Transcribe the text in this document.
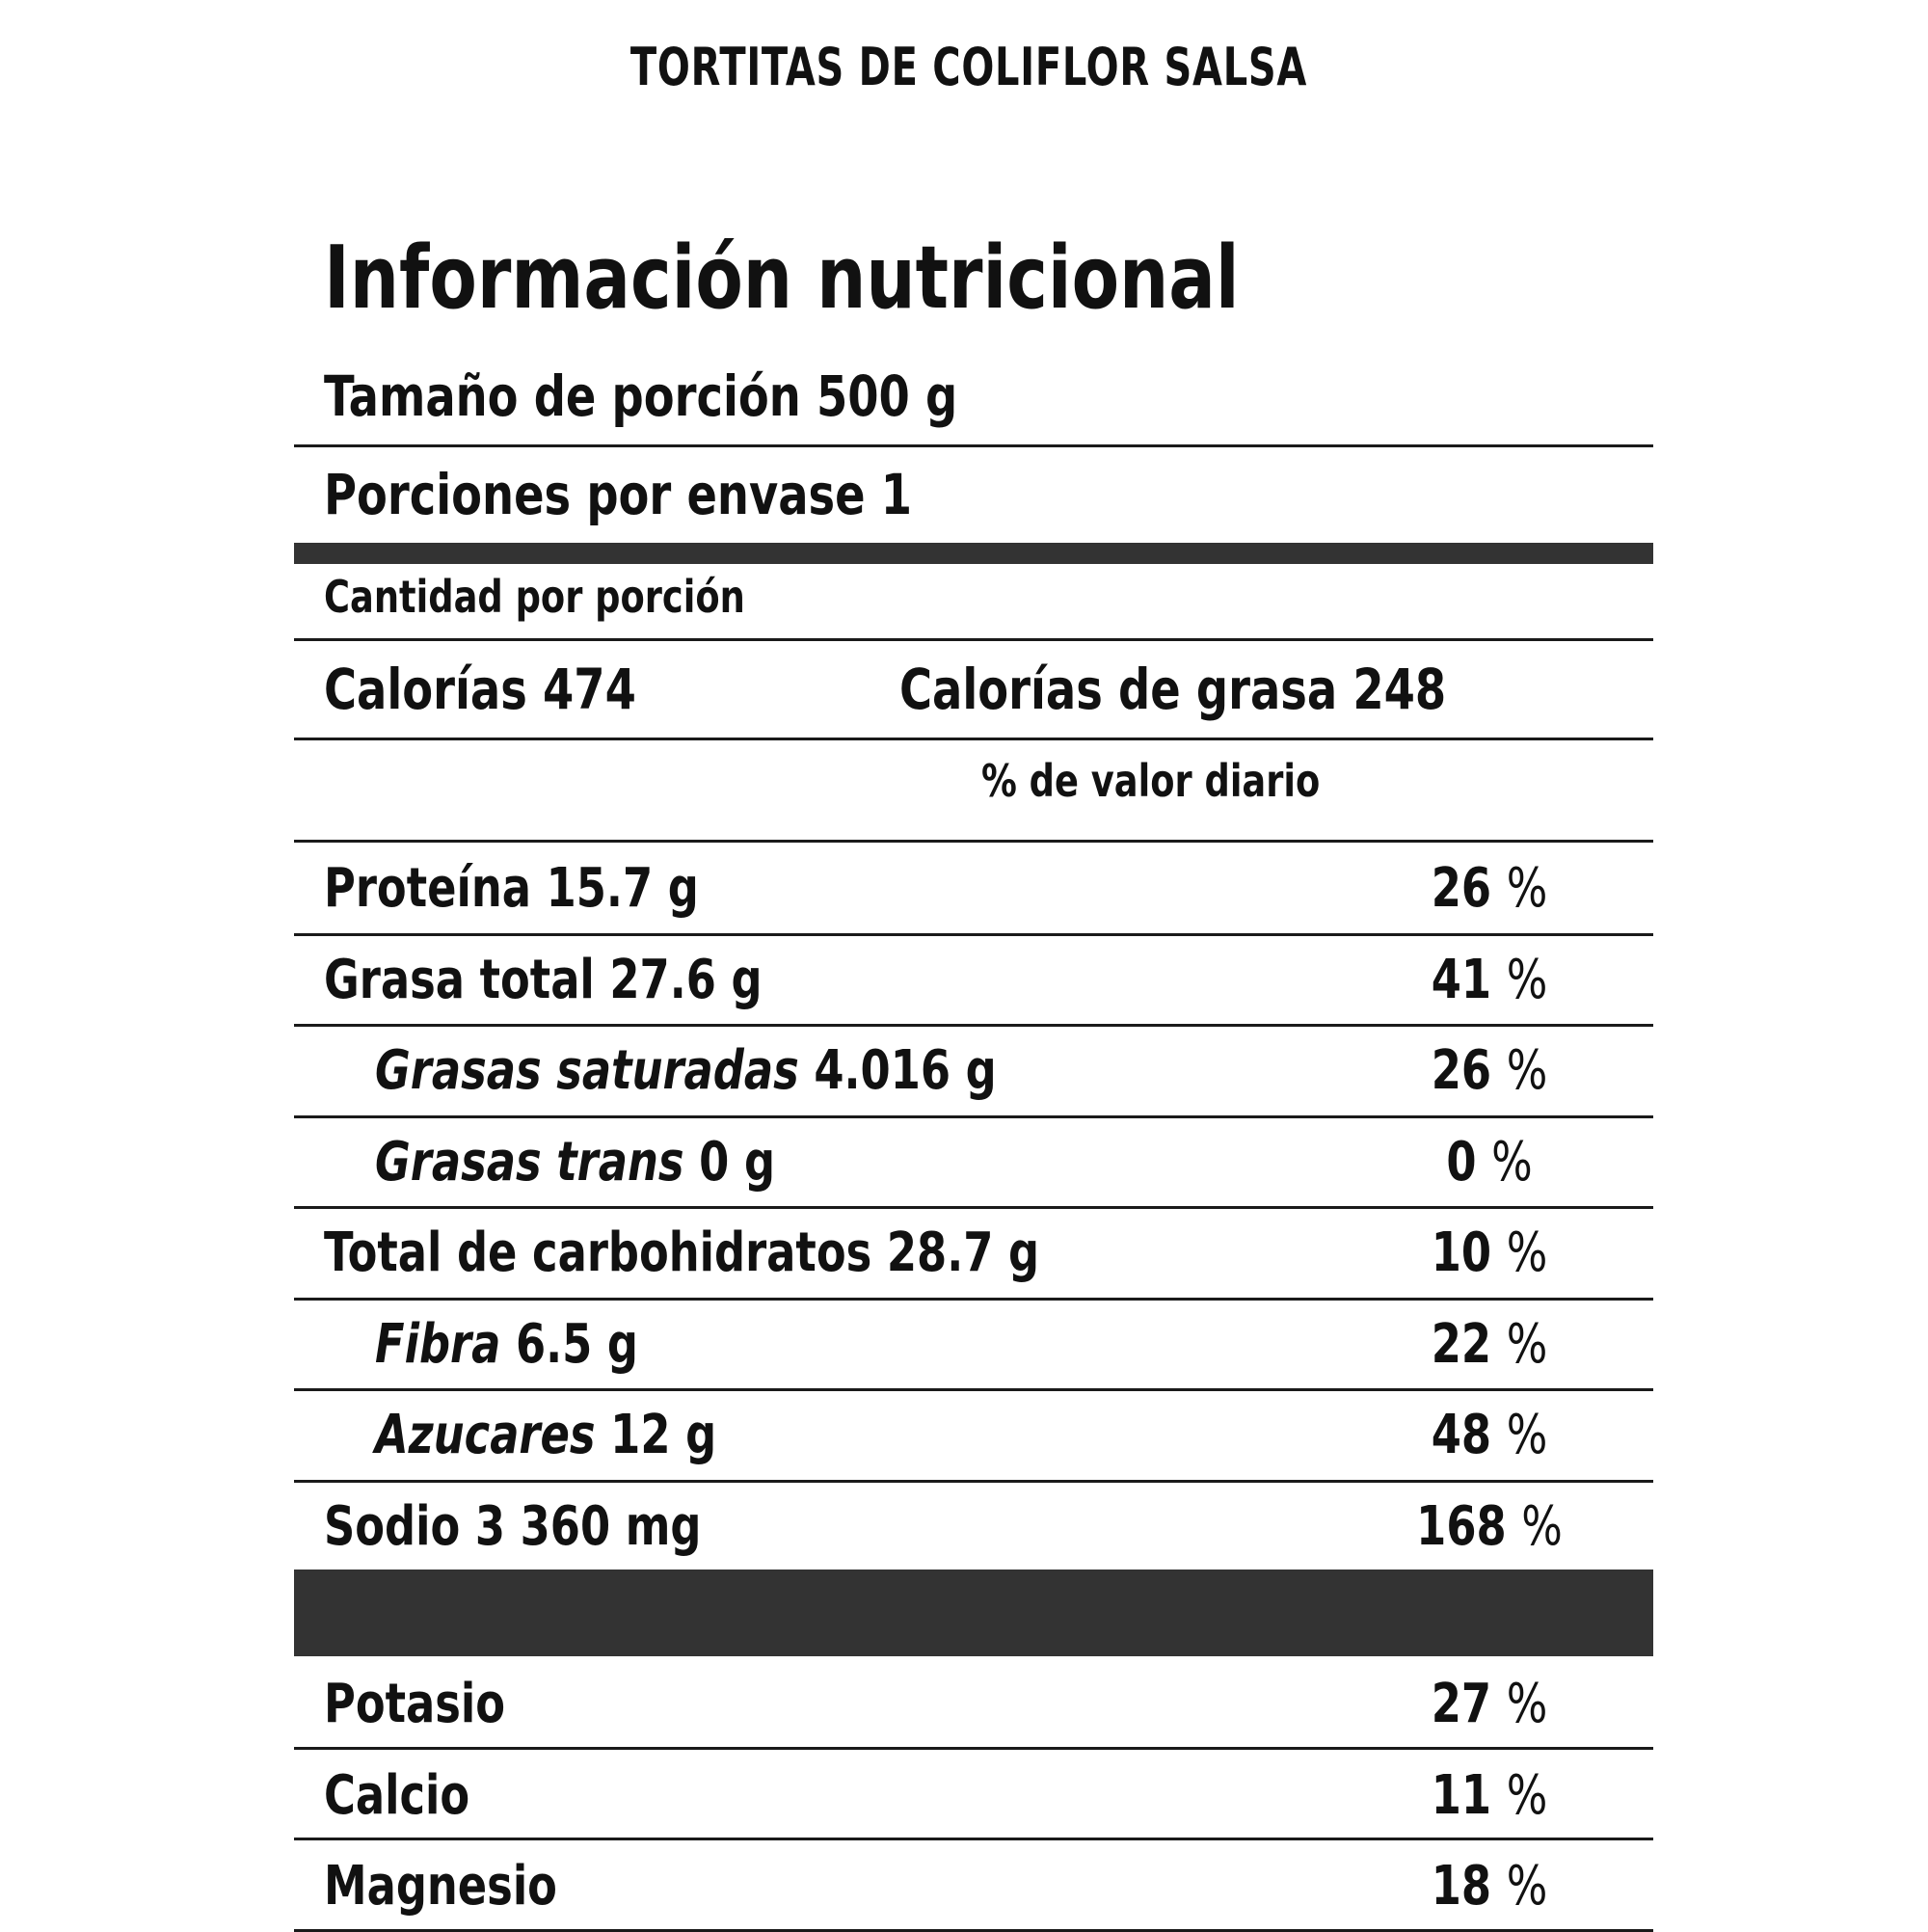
TORTITAS DE COLIFLOR SALSA
Información nutricional
Tamaño de porción 500 g
Porciones por envase 1
Cantidad por porción
Calorías 474	Calorías de grasa 248
% de valor diario
Proteína 15.7 g	26 %
Grasa total 27.6 g	41 %
Grasas saturadas 4.016 g	26 %
Grasas trans 0 g	0 %
Total de carbohidratos 28.7 g	10 %
Fibra 6.5 g	22 %
Azucares 12 g	48 %
Sodio 3 360 mg	168 %
Potasio	27 %
Calcio	11 %
Magnesio	18 %
